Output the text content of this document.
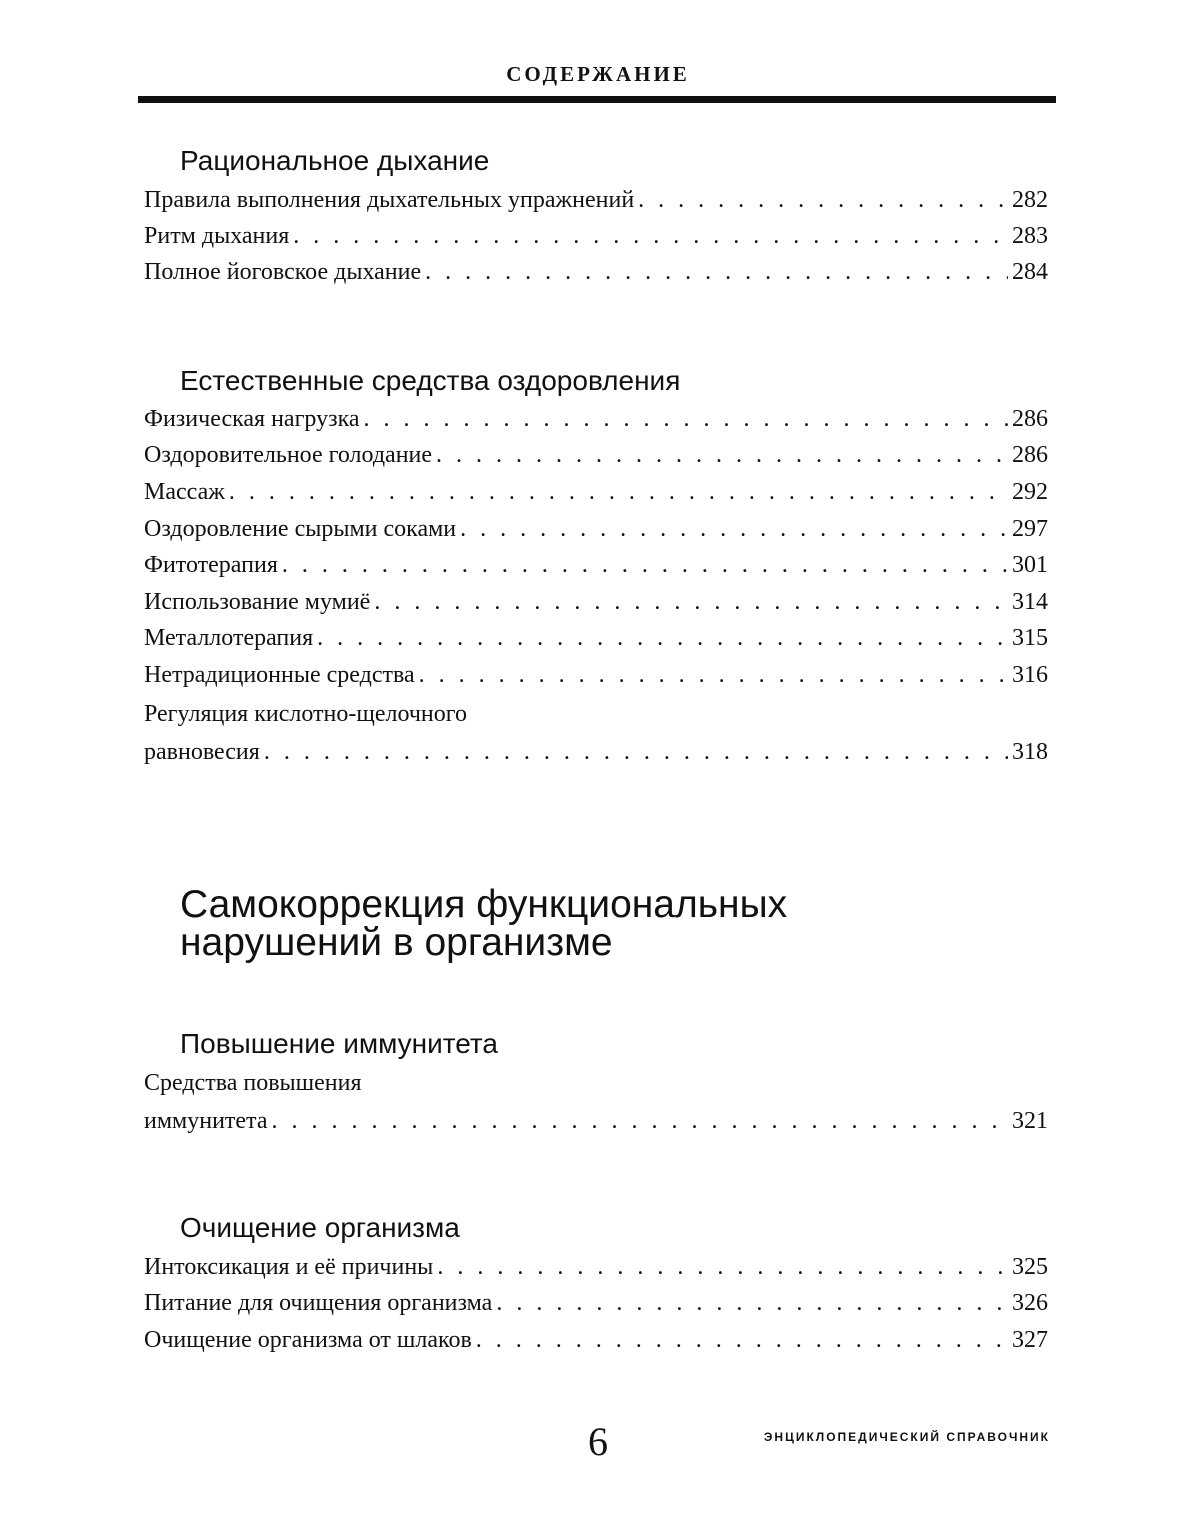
СОДЕРЖАНИЕ
Рациональное дыхание
Правила выполнения дыхательных упражнений . . .	282
Ритм дыхания . . .	283
Полное йоговское дыхание . . .	284
Естественные средства оздоровления
Физическая нагрузка . . .	286
Оздоровительное голодание . . .	286
Массаж . . .	292
Оздоровление сырыми соками . . .	297
Фитотерапия . . .	301
Использование мумиё . . .	314
Металлотерапия . . .	315
Нетрадиционные средства . . .	316
Регуляция кислотно-щелочного
равновесия . . .	318
Самокоррекция функциональных
нарушений в организме
Повышение иммунитета
Средства повышения
иммунитета . . .	321
Очищение организма
Интоксикация и её причины . . .	325
Питание для очищения организма . . .	326
Очищение организма от шлаков . . .	327
6	ЭНЦИКЛОПЕДИЧЕСКИЙ СПРАВОЧНИК
